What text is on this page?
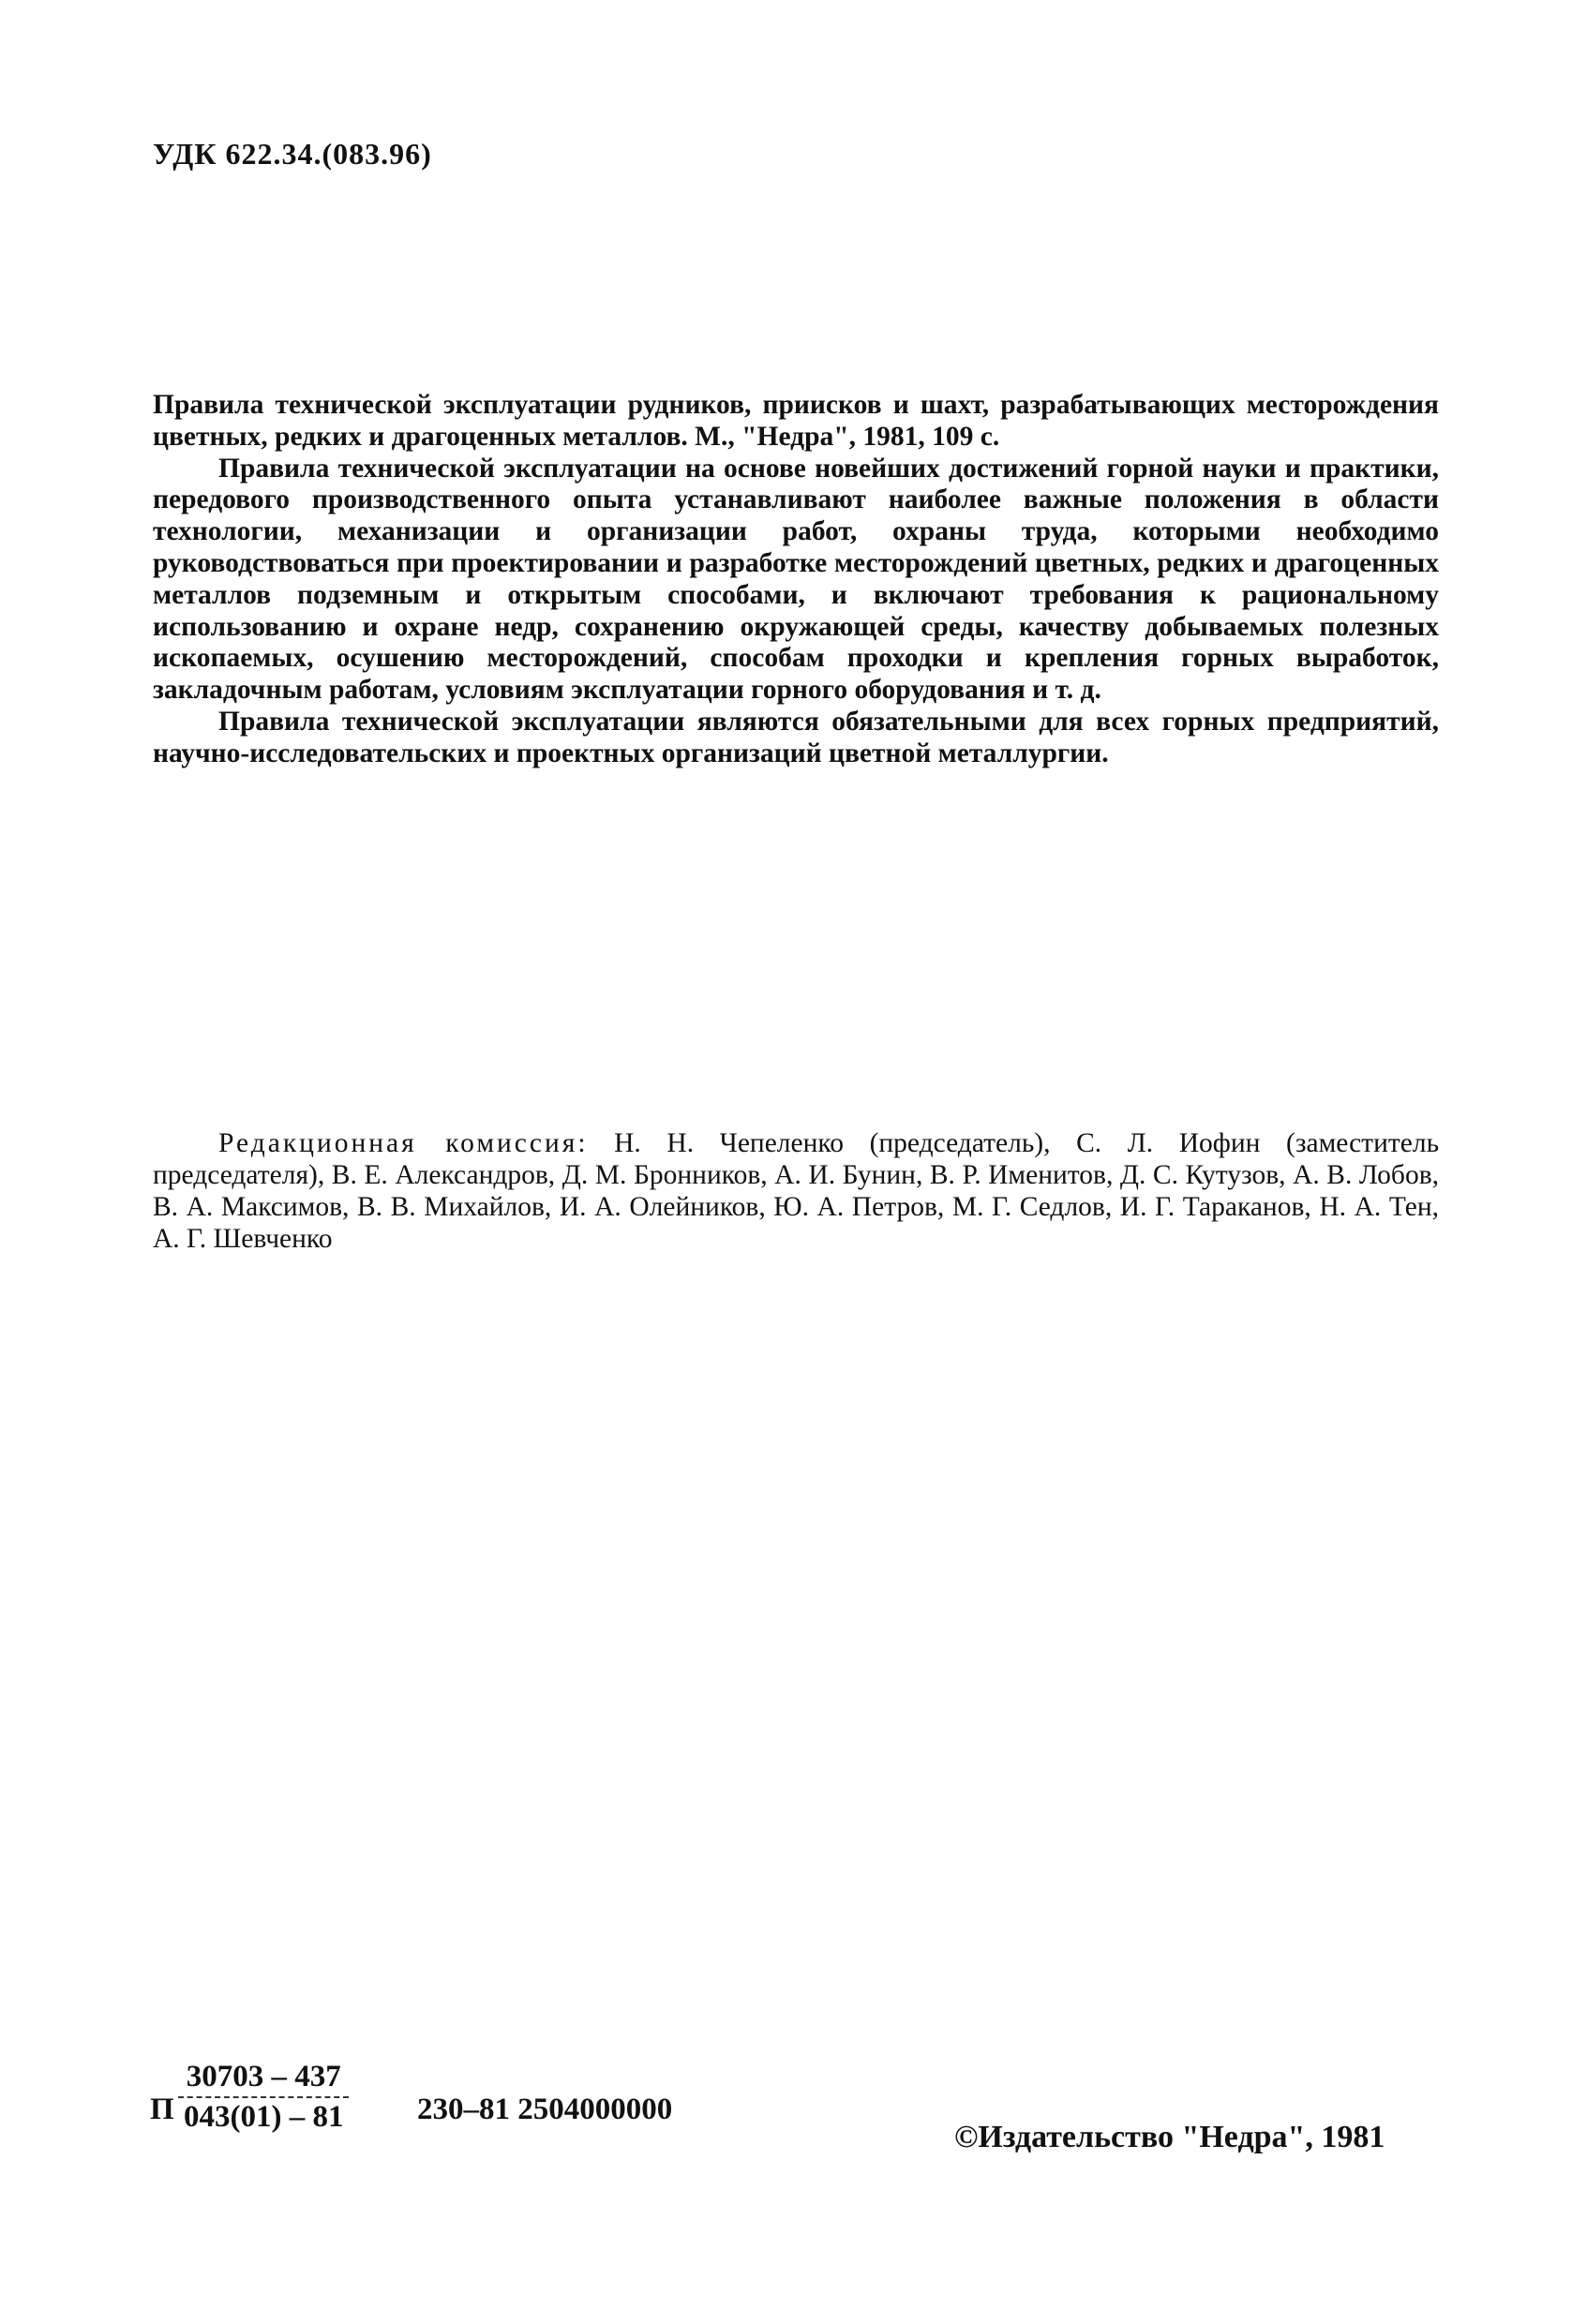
УДК 622.34.(083.96)

Правила технической эксплуатации рудников, приисков и шахт, разрабатывающих месторождения цветных, редких и драгоценных металлов. М., "Недра", 1981, 109 с.

Правила технической эксплуатации на основе новейших достижений горной науки и практики, передового производственного опыта устанавливают наиболее важные положения в области технологии, механизации и организации работ, охраны труда, которыми необходимо руководствоваться при проектировании и разработке месторождений цветных, редких и драгоценных металлов подземным и открытым способами, и включают требования к рациональному использованию и охране недр, сохранению окружающей среды, качеству добываемых полезных ископаемых, осушению месторождений, способам проходки и крепления горных выработок, закладочным работам, условиям эксплуатации горного оборудования и т. д.

Правила технической эксплуатации являются обязательными для всех горных предприятий, научно-исследовательских и проектных организаций цветной металлургии.

Редакционная комиссия: Н. Н. Чепеленко (председатель), С. Л. Иофин (заместитель председателя), В. Е. Александров, Д. М. Бронников, А. И. Бунин, В. Р. Именитов, Д. С. Кутузов, А. В. Лобов, В. А. Максимов, В. В. Михайлов, И. А. Олейников, Ю. А. Петров, М. Г. Седлов, И. Г. Тараканов, Н. А. Тен, А. Г. Шевченко
П $\frac{30703 - 437}{043(01) - 81} 230-81$ 2504000000
©Издательство "Недра", 1981
